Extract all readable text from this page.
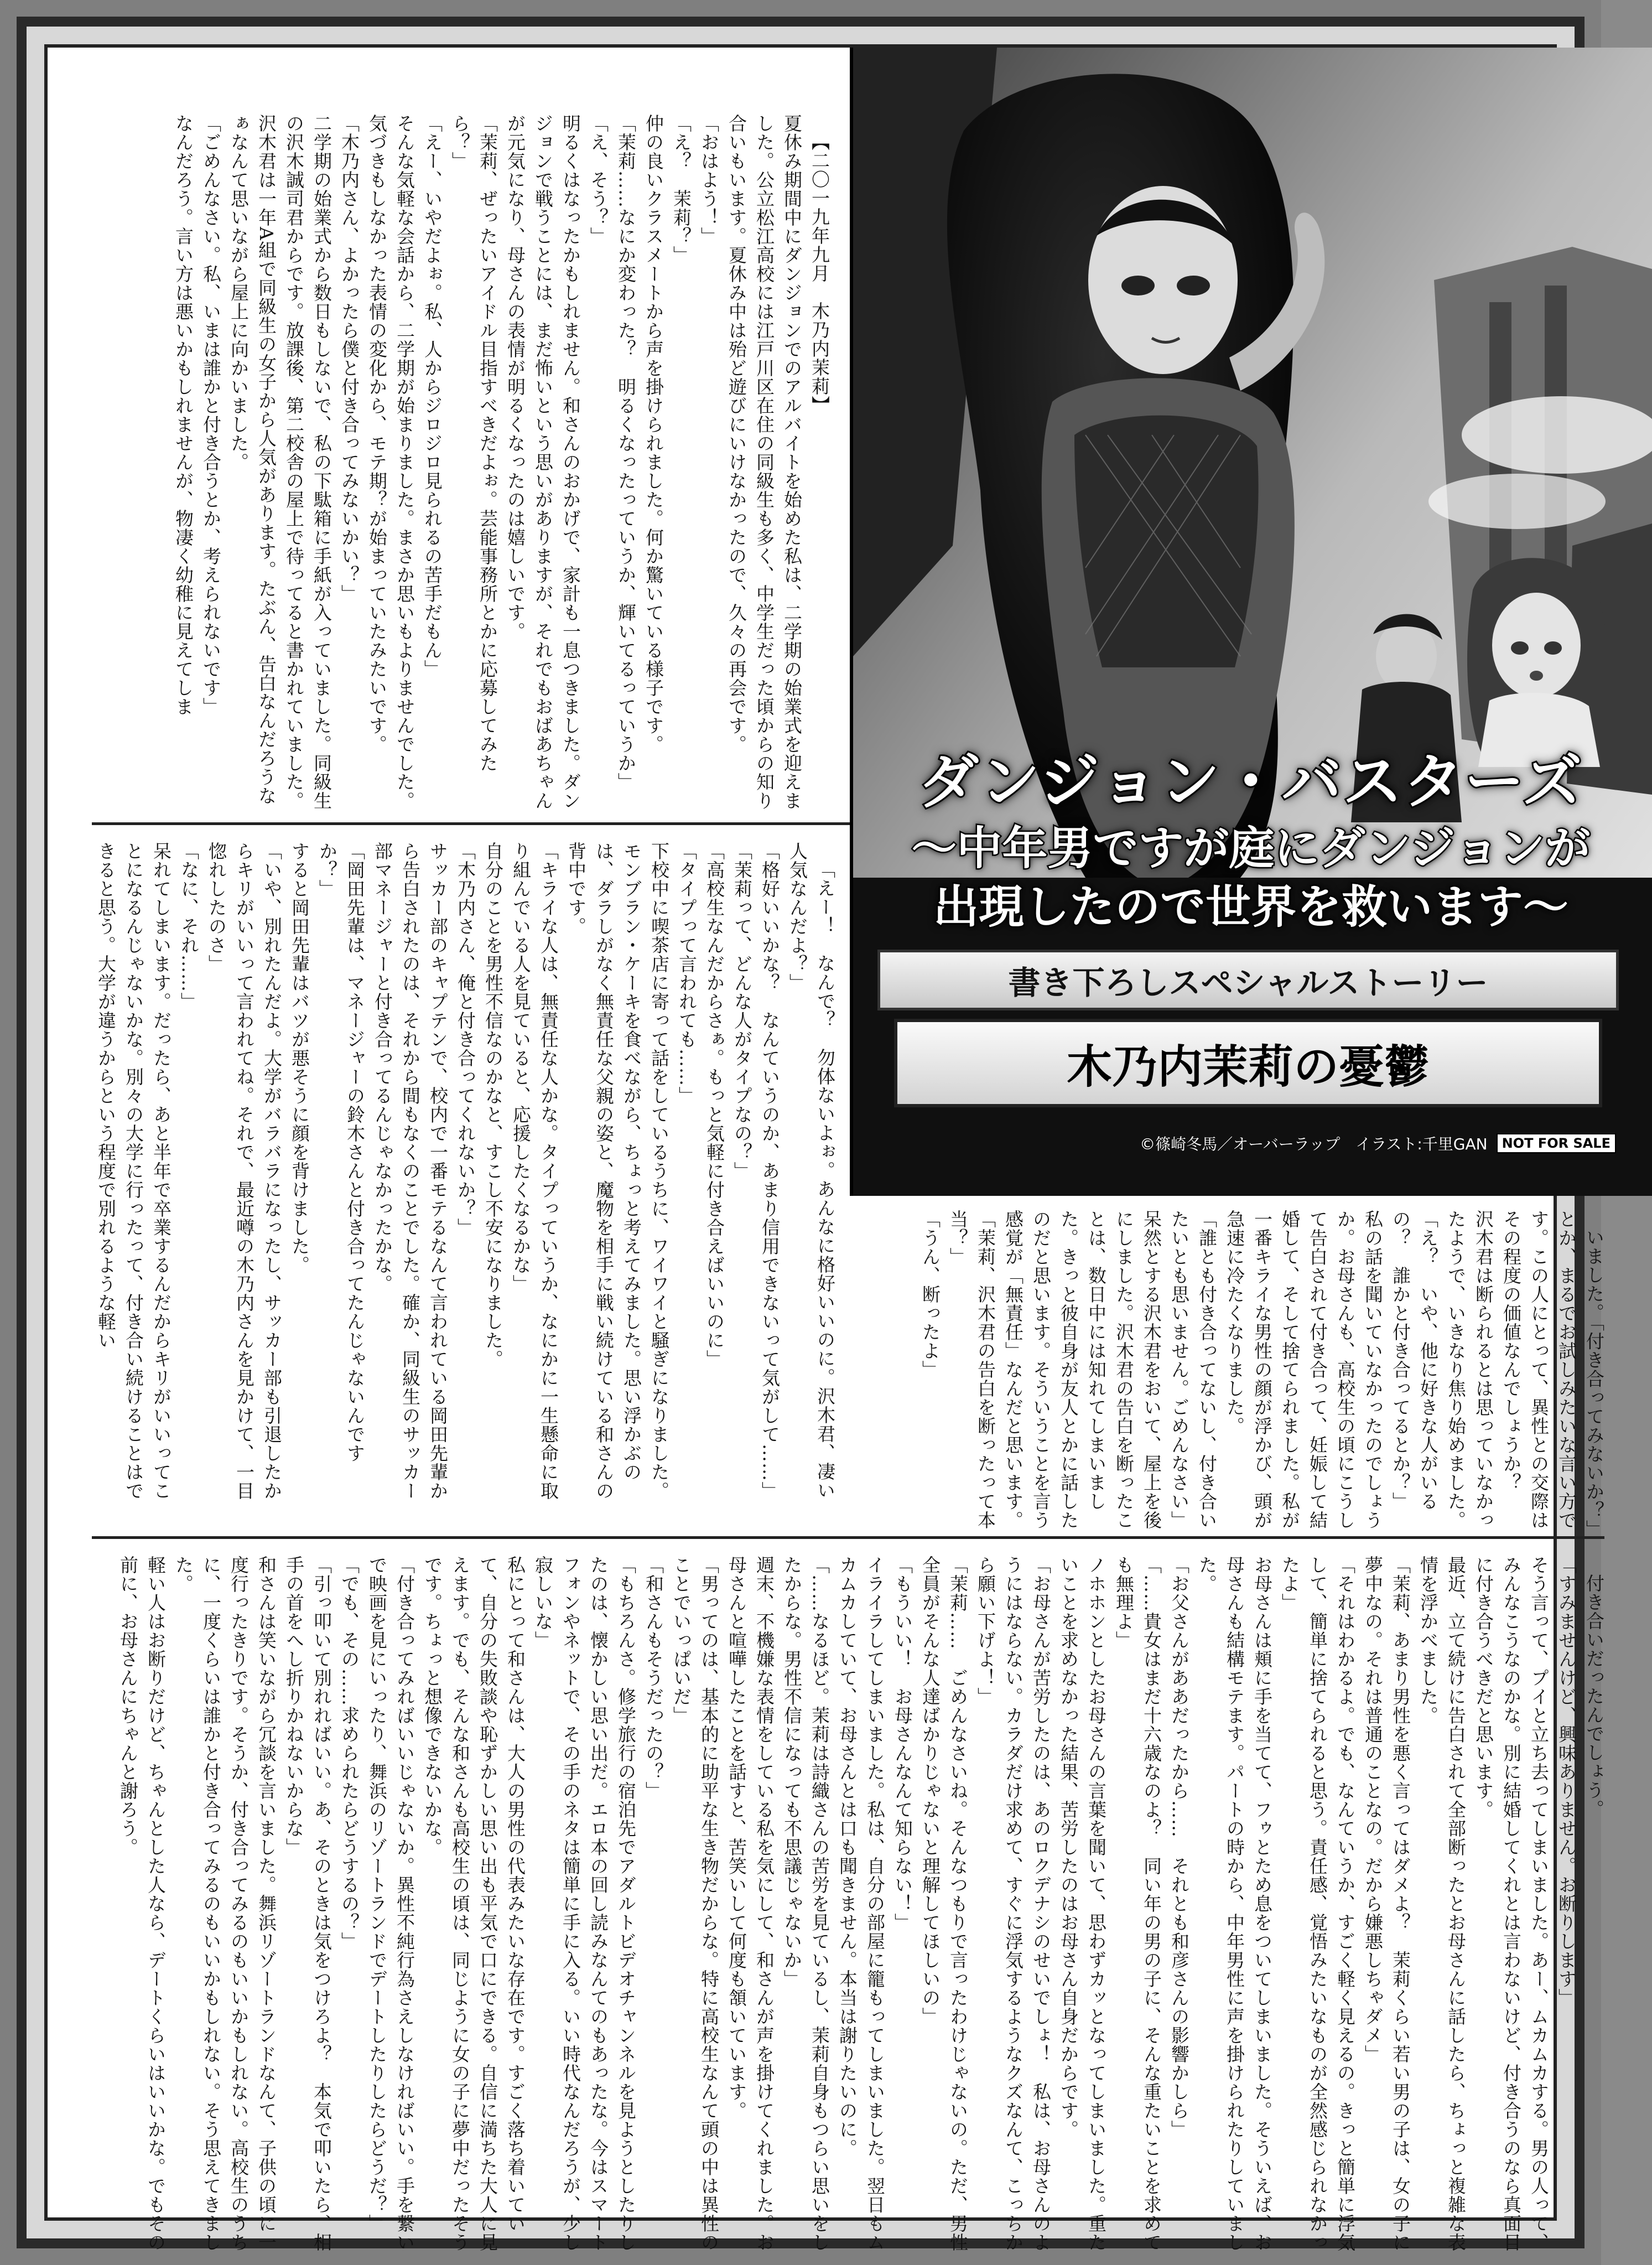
ダンジョン・バスターズ
〜中年男ですが庭にダンジョンが
出現したので世界を救います〜
書き下ろしスペシャルストーリー
木乃内茉莉の憂鬱
©篠崎冬馬／オーバーラップ　イラスト:千里GAN	NOT FOR SALE

【二〇一九年九月　木乃内茉莉】
夏休み期間中にダンジョンでのアルバイトを始めた私は、二学期の始業式を迎えました。公立松江高校には江戸川区在住の同級生も多く、中学生だった頃からの知り合いもいます。夏休み中は殆ど遊びにいけなかったので、久々の再会です。
「おはよう！」
「え？　茉莉？」
仲の良いクラスメートから声を掛けられました。何か驚いている様子です。
「茉莉……なにか変わった？　明るくなったっていうか、輝いてるっていうか」
「え、そう？」
明るくはなったかもしれません。和さんのおかげで、家計も一息つきました。ダンジョンで戦うことには、まだ怖いという思いがありますが、それでもおばあちゃんが元気になり、母さんの表情が明るくなったのは嬉しいです。
「茉莉、ぜったいアイドル目指すべきだよぉ。芸能事務所とかに応募してみたら？」
「えー、いやだよぉ。私、人からジロジロ見られるの苦手だもん」
そんな気軽な会話から、二学期が始まりました。まさか思いもよりませんでした。気づきもしなかった表情の変化から、モテ期？が始まっていたみたいです。
「木乃内さん、よかったら僕と付き合ってみないかい？」
二学期の始業式から数日もしないで、私の下駄箱に手紙が入っていました。同級生の沢木誠司君からです。放課後、第二校舎の屋上で待ってると書かれていました。沢木君は一年A組で同級生の女子から人気があります。たぶん、告白なんだろうなぁなんて思いながら屋上に向かいました。
「ごめんなさい。私、いまは誰かと付き合うとか、考えられないです」
なんだろう。言い方は悪いかもしれませんが、物凄く幼稚に見えてしま

「えー！　なんで？　勿体ないよぉ。あんなに格好いいのに。沢木君、凄い人気なんだよ？」
「格好いいかな？　なんていうのか、あまり信用できないって気がして……」
「茉莉って、どんな人がタイプなの？」
「高校生なんだからさぁ。もっと気軽に付き合えばいいのに」
「タイプって言われても……」
下校中に喫茶店に寄って話をしているうちに、ワイワイと騒ぎになりました。モンブラン・ケーキを食べながら、ちょっと考えてみました。思い浮かぶのは、ダラしがなく無責任な父親の姿と、魔物を相手に戦い続けている和さんの背中です。
「キライな人は、無責任な人かな。タイプっていうか、なにかに一生懸命に取り組んでいる人を見ていると、応援したくなるかな」
自分のことを男性不信なのかなと、すこし不安になりました。
「木乃内さん、俺と付き合ってくれないか？」
サッカー部のキャプテンで、校内で一番モテるなんて言われている岡田先輩から告白されたのは、それから間もなくのことでした。確か、同級生のサッカー部マネージャーと付き合ってるんじゃなかったかな。
「岡田先輩は、マネージャーの鈴木さんと付き合ってたんじゃないんですか？」
すると岡田先輩はバツが悪そうに顔を背けました。
「いや、別れたんだよ。大学がバラバラになったし、サッカー部も引退したからキリがいいって言われてね。それで、最近噂の木乃内さんを見かけて、一目惚れしたのさ」
「なに、それ……」
呆れてしまいます。だったら、あと半年で卒業するんだからキリがいいってことになるんじゃないかな。別々の大学に行ったって、付き合い続けることはできると思う。大学が違うからという程度で別れるような軽い

いました。「付き合ってみないか？」とか、まるでお試しみたいな言い方です。この人にとって、異性との交際はその程度の価値なんでしょうか？
沢木君は断られるとは思っていなかったようで、いきなり焦り始めました。
「え？　いや、他に好きな人がいるの？　誰かと付き合ってるとか？」
私の話を聞いていなかったのでしょうか。お母さんも、高校生の頃にこうして告白されて付き合って、妊娠して結婚して、そして捨てられました。私が一番キライな男性の顔が浮かび、頭が急速に冷たくなりました。
「誰とも付き合ってないし、付き合いたいとも思いません。ごめんなさい」
呆然とする沢木君をおいて、屋上を後にしました。沢木君の告白を断ったことは、数日中には知れてしまいました。きっと彼自身が友人とかに話したのだと思います。そういうことを言う感覚が「無責任」なんだと思います。
「茉莉、沢木君の告白を断ったって本当？」
「うん、断ったよ」

付き合いだったんでしょう。
「すみませんけど、興味ありません。お断りします」
そう言って、プイと立ち去ってしまいました。あー、ムカムカする。男の人って、みんなこうなのかな。別に結婚してくれとは言わないけど、付き合うのなら真面目に付き合うべきだと思います。
最近、立て続けに告白されて全部断ったとお母さんに話したら、ちょっと複雑な表情を浮かべました。
「茉莉、あまり男性を悪く言ってはダメよ？　茉莉くらい若い男の子は、女の子に夢中なの。それは普通のことなの。だから嫌悪しちゃダメ」
「それはわかるよ。でも、なんていうか、すごく軽く見えるの。きっと簡単に浮気して、簡単に捨てられると思う。責任感、覚悟みたいなものが全然感じられなかったよ」
お母さんは頬に手を当てて、フゥとため息をついてしまいました。そういえば、お母さんも結構モテます。パートの時から、中年男性に声を掛けられたりしていました。
「お父さんがああだったから……　それとも和彦さんの影響かしら」
「……貴女はまだ十六歳なのよ？　同い年の男の子に、そんな重たいことを求めても無理よ」
ノホホンとしたお母さんの言葉を聞いて、思わずカッとなってしまいました。重たいことを求めなかった結果、苦労したのはお母さん自身だからです。
「お母さんが苦労したのは、あのロクデナシのせいでしょ！　私は、お母さんのようにはならない。カラダだけ求めて、すぐに浮気するようなクズなんて、こっちから願い下げよ！」
「茉莉……　ごめんなさいね。そんなつもりで言ったわけじゃないの。ただ、男性全員がそんな人達ばかりじゃないと理解してほしいの」
「もういい！　お母さんなんて知らない！」
イライラしてしまいました。私は、自分の部屋に籠もってしまいました。翌日もムカムカしていて、お母さんとは口も聞きません。本当は謝りたいのに。
「……なるほど。茉莉は詩織さんの苦労を見ているし、茉莉自身もつらい思いをしたからな。男性不信になっても不思議じゃないか」
週末、不機嫌な表情をしている私を気にして、和さんが声を掛けてくれました。お母さんと喧嘩したことを話すと、苦笑いして何度も頷いています。
「男ってのは、基本的に助平な生き物だからな。特に高校生なんて頭の中は異性のことでいっぱいだ」
「和さんもそうだったの？」
「もちろんさ。修学旅行の宿泊先でアダルトビデオチャンネルを見ようとしたりしたのは、懐かしい思い出だ。エロ本の回し読みなんてのもあったな。今はスマートフォンやネットで、その手のネタは簡単に手に入る。いい時代なんだろうが、少し寂しいな」
私にとって和さんは、大人の男性の代表みたいな存在です。すごく落ち着いていて、自分の失敗談や恥ずかしい思い出も平気で口にできる。自信に満ちた大人に見えます。でも、そんな和さんも高校生の頃は、同じように女の子に夢中だったそうです。ちょっと想像できないかな。
「付き合ってみればいいじゃないか。異性不純行為さえしなければいい。手を繋いで映画を見にいったり、舞浜のリゾートランドでデートしたりしたらどうだ？」
「でも、その……求められたらどうするの？」
「引っ叩いて別れればいい。あ、そのときは気をつけろよ？　本気で叩いたら、相手の首をへし折りかねないからな」
和さんは笑いながら冗談を言いました。舞浜リゾートランドなんて、子供の頃に一度行ったきりです。そうか、付き合ってみるのもいいかもしれない。高校生のうちに、一度くらいは誰かと付き合ってみるのもいいかもしれない。そう思えてきました。
軽い人はお断りだけど、ちゃんとした人なら、デートくらいはいいかな。でもその前に、お母さんにちゃんと謝ろう。
